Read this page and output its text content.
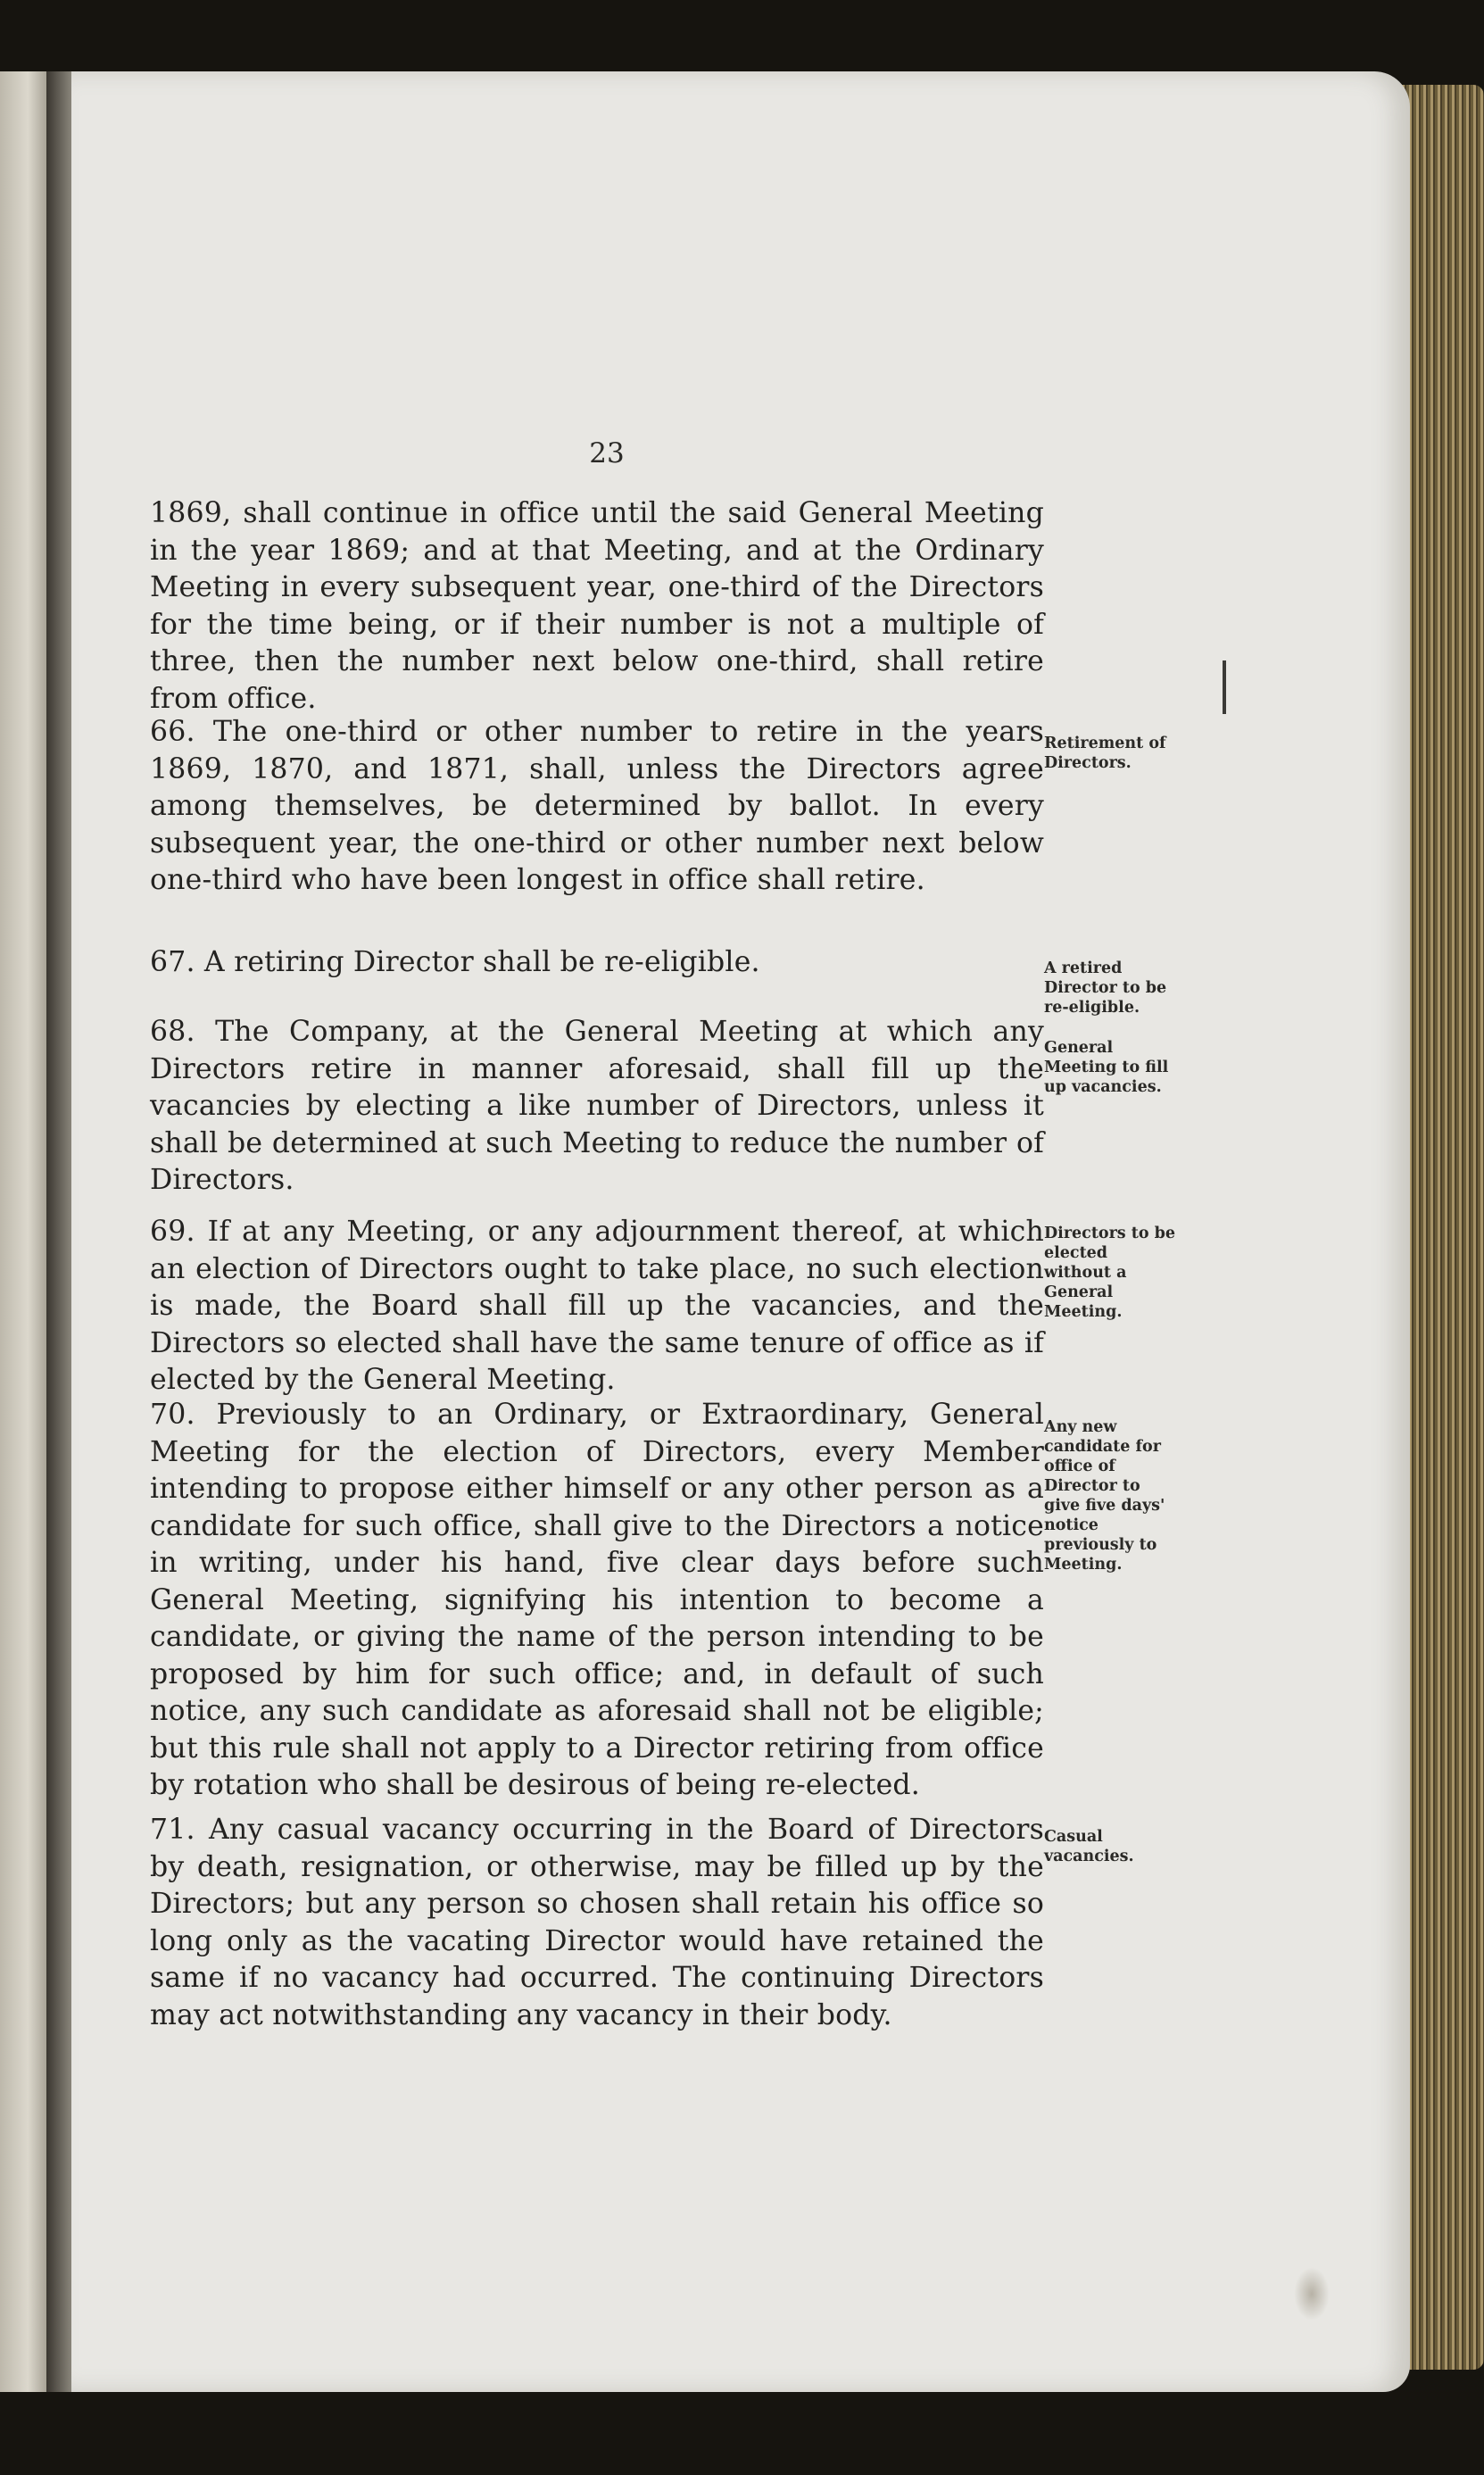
23

1869, shall continue in office until the said General Meeting in the year 1869; and at that Meeting, and at the Ordinary Meeting in every subsequent year, one-third of the Directors for the time being, or if their number is not a multiple of three, then the number next below one-third, shall retire from office.

66. The one-third or other number to retire in the years 1869, 1870, and 1871, shall, unless the Directors agree among themselves, be determined by ballot. In every subsequent year, the one-third or other number next below one-third who have been longest in office shall retire.

67. A retiring Director shall be re-eligible.

68. The Company, at the General Meeting at which any Directors retire in manner aforesaid, shall fill up the vacancies by electing a like number of Directors, unless it shall be determined at such Meeting to reduce the number of Directors.

69. If at any Meeting, or any adjournment thereof, at which an election of Directors ought to take place, no such election is made, the Board shall fill up the vacancies, and the Directors so elected shall have the same tenure of office as if elected by the General Meeting.

70. Previously to an Ordinary, or Extraordinary, General Meeting for the election of Directors, every Member intending to propose either himself or any other person as a candidate for such office, shall give to the Directors a notice in writing, under his hand, five clear days before such General Meeting, signifying his intention to become a candidate, or giving the name of the person intending to be proposed by him for such office; and, in default of such notice, any such candidate as aforesaid shall not be eligible; but this rule shall not apply to a Director retiring from office by rotation who shall be desirous of being re-elected.

71. Any casual vacancy occurring in the Board of Directors by death, resignation, or otherwise, may be filled up by the Directors; but any person so chosen shall retain his office so long only as the vacating Director would have retained the same if no vacancy had occurred. The continuing Directors may act notwithstanding any vacancy in their body.

Retirement of Directors.
A retired Director to be re-eligible.
General Meeting to fill up vacancies.
Directors to be elected without a General Meeting.
Any new candidate for office of Director to give five days' notice previously to Meeting.
Casual vacancies.
